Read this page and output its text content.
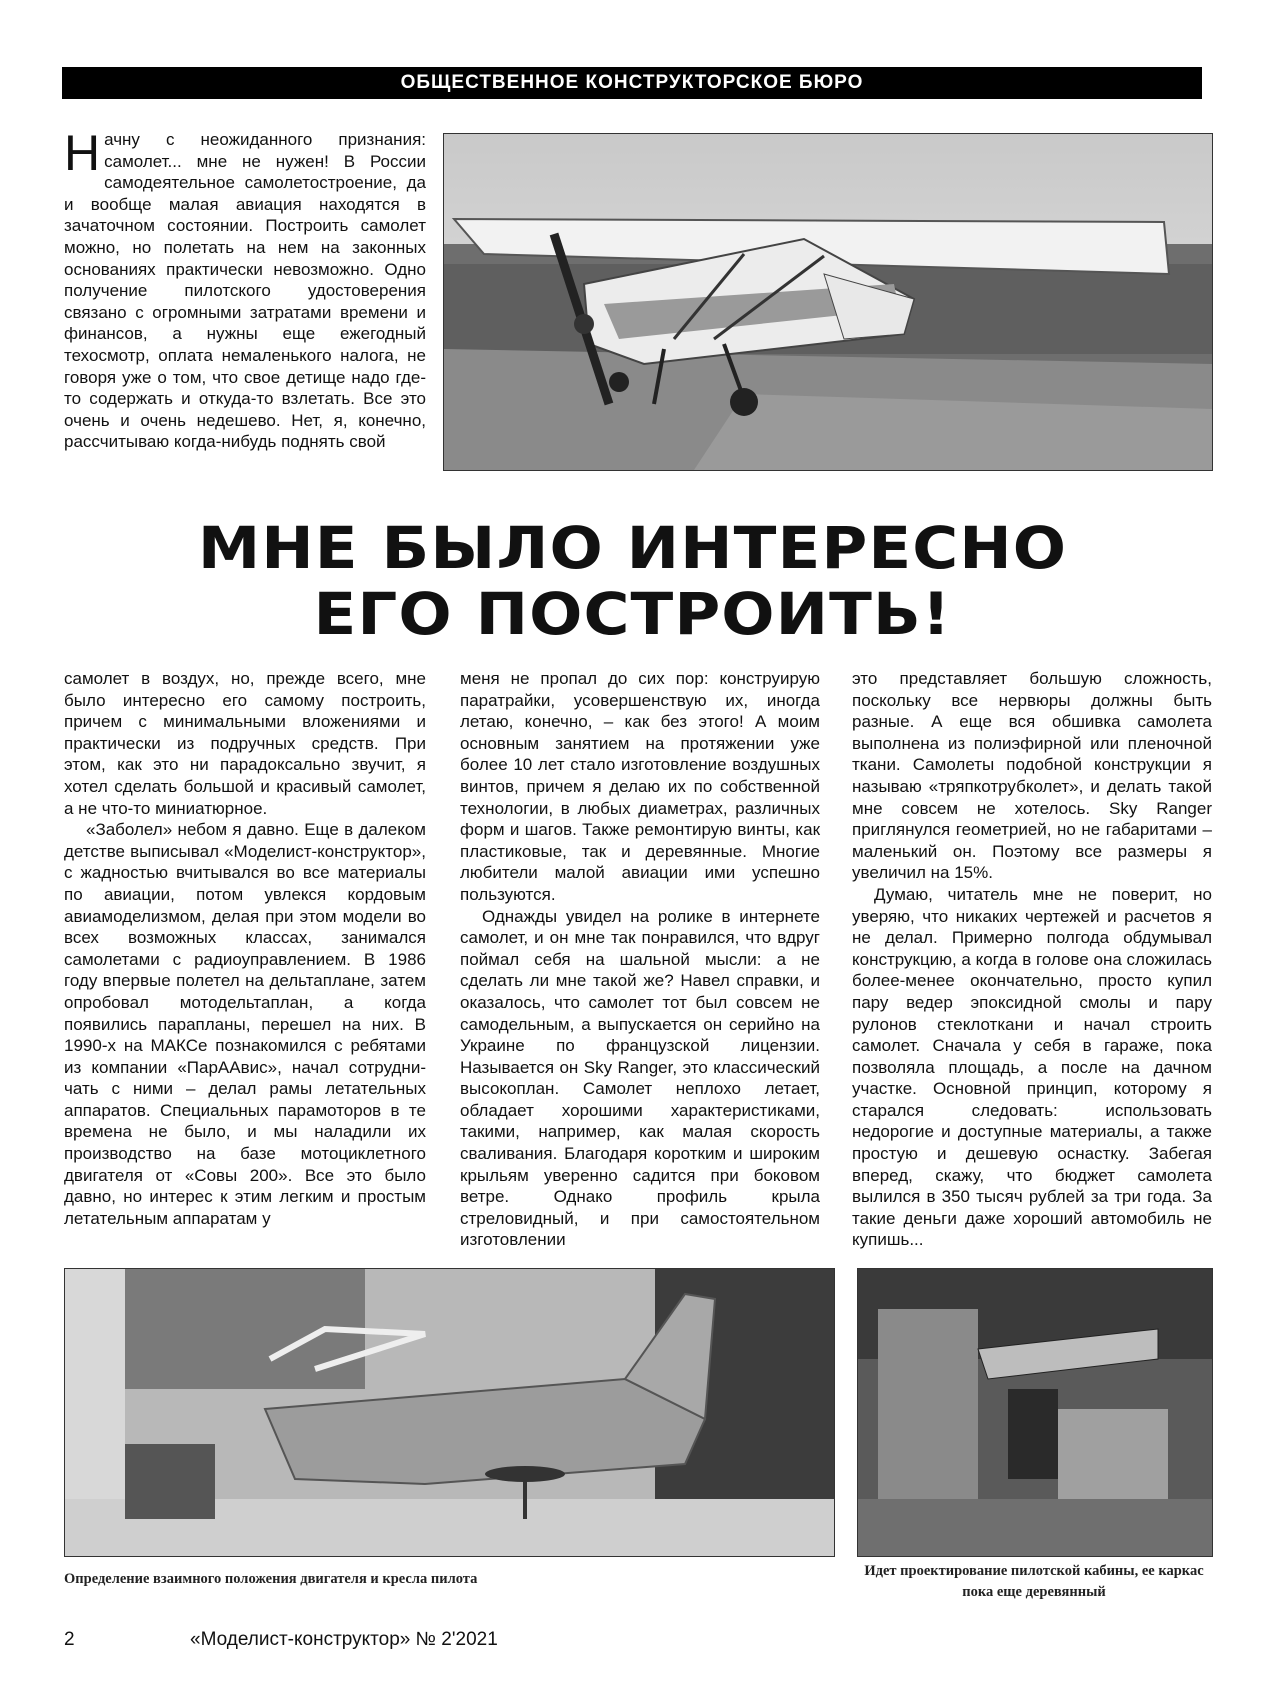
ОБЩЕСТВЕННОЕ КОНСТРУКТОРСКОЕ БЮРО

Начну с неожиданного признания: самолет... мне не нужен! В России самодеятельное самолетостроение, да и вообще малая авиация находятся в зачаточном состоянии. Построить самолет можно, но полетать на нем на законных основаниях практически невозможно. Одно получение пилотского удостоверения связано с огромными затратами времени и финансов, а нужны еще ежегодный техосмотр, оплата немаленького налога, не говоря уже о том, что свое детище надо где-то содержать и откуда-то взлетать. Все это очень и очень недешево. Нет, я, конечно, рассчитываю когда-нибудь поднять свой

МНЕ БЫЛО ИНТЕРЕСНО
ЕГО ПОСТРОИТЬ!

самолет в воздух, но, прежде всего, мне было интересно его самому построить, причем с минимальными вложениями и практически из подручных средств. При этом, как это ни парадоксально звучит, я хотел сделать большой и красивый самолет, а не что-то миниатюрное.

«Заболел» небом я давно. Еще в далеком детстве выписывал «Моделист-конструктор», с жадностью вчитывался во все материалы по авиации, потом увлекся кордовым авиамоделизмом, делая при этом модели во всех возможных классах, занимался самолетами с радиоуправлением. В 1986 году впервые полетел на дельтаплане, затем опробовал мотодельтаплан, а когда появились парапланы, перешел на них. В 1990-х на МАКСе познакомился с ребятами из компании «ПарААвис», начал сотрудничать с ними – делал рамы летательных аппаратов. Специальных парамоторов в те времена не было, и мы наладили их производство на базе мотоциклетного двигателя от «Совы 200». Все это было давно, но интерес к этим легким и простым летательным аппаратам у

меня не пропал до сих пор: конструирую паратрайки, усовершенствую их, иногда летаю, конечно, – как без этого! А моим основным занятием на протяжении уже более 10 лет стало изготовление воздушных винтов, причем я делаю их по собственной технологии, в любых диаметрах, различных форм и шагов. Также ремонтирую винты, как пластиковые, так и деревянные. Многие любители малой авиации ими успешно пользуются.

Однажды увидел на ролике в интернете самолет, и он мне так понравился, что вдруг поймал себя на шальной мысли: а не сделать ли мне такой же? Навел справки, и оказалось, что самолет тот был совсем не самодельным, а выпускается он серийно на Украине по французской лицензии. Называется он Sky Ranger, это классический высокоплан. Самолет неплохо летает, обладает хорошими характеристиками, такими, например, как малая скорость сваливания. Благодаря коротким и широким крыльям уверенно садится при боковом ветре. Однако профиль крыла стреловидный, и при самостоятельном изготовлении

это представляет большую сложность, поскольку все нервюры должны быть разные. А еще вся обшивка самолета выполнена из полиэфирной или пленочной ткани. Самолеты подобной конструкции я называю «тряпкотрубколет», и делать такой мне совсем не хотелось. Sky Ranger приглянулся геометрией, но не габаритами – маленький он. Поэтому все размеры я увеличил на 15%.

Думаю, читатель мне не поверит, но уверяю, что никаких чертежей и расчетов я не делал. Примерно полгода обдумывал конструкцию, а когда в голове она сложилась более-менее окончательно, просто купил пару ведер эпоксидной смолы и пару рулонов стеклоткани и начал строить самолет. Сначала у себя в гараже, пока позволяла площадь, а после на дачном участке. Основной принцип, которому я старался следовать: использовать недорогие и доступные материалы, а также простую и дешевую оснастку. Забегая вперед, скажу, что бюджет самолета вылился в 350 тысяч рублей за три года. За такие деньги даже хороший автомобиль не купишь...

Определение взаимного положения двигателя и кресла пилота	Идет проектирование пилотской кабины, ее каркас пока еще деревянный
2	«Моделист-конструктор» № 2'2021
